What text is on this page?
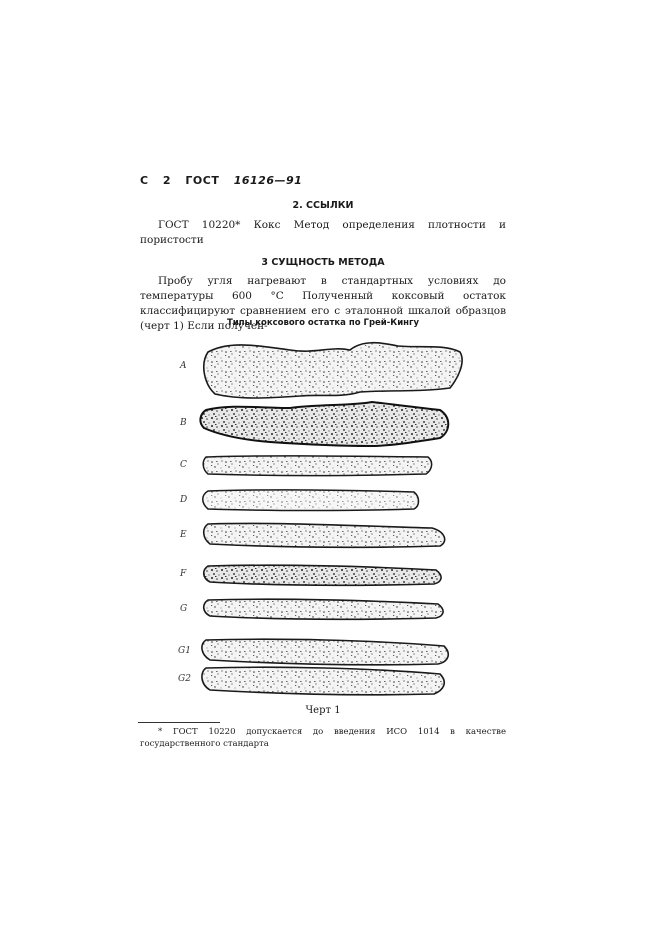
С 2 ГОСТ 16126—91
2. ССЫЛКИ

ГОСТ 10220* Кокс Метод определения плотности и пористости

3 СУЩНОСТЬ МЕТОДА

Пробу угля нагревают в стандартных условиях до температуры 600 °С Полученный коксовый остаток классифицируют сравнением его с эталонной шкалой образцов (черт 1) Если получен-

Типы коксового остатка по Грей-Кингу
A
B
C
D
E
F
G
G1
G2
Черт 1

* ГОСТ 10220 допускается до введения ИСО 1014 в качестве государственного стандарта
